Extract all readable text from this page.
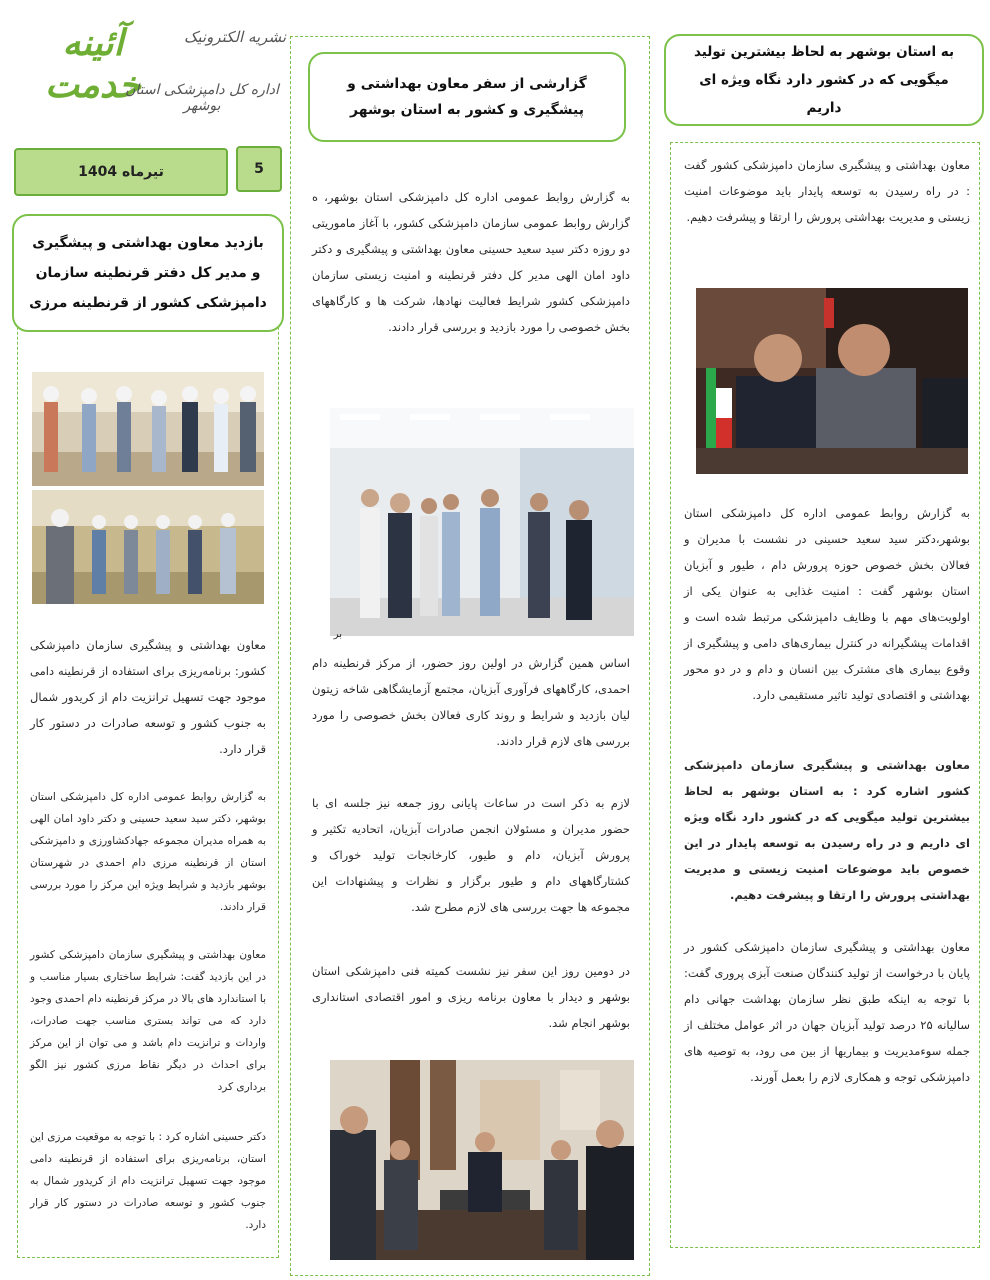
آئینه خدمت
نشریه الکترونیک
اداره کل دامپزشکی استان بوشهر
تیرماه 1404	5
بازدید معاون بهداشتی و پیشگیری و مدیر کل دفتر قرنطینه سازمان دامپزشکی کشور از قرنطینه مرزی
معاون بهداشتی و پیشگیری سازمان دامپزشکی کشور: برنامه‌ریزی برای استفاده از قرنطینه دامی موجود جهت تسهیل ترانزیت دام از کریدور شمال به جنوب کشور و توسعه صادرات در دستور کار قرار دارد.
به گزارش روابط عمومی اداره کل دامپزشکی استان بوشهر، دکتر سید سعید حسینی و دکتر داود امان الهی به همراه مدیران مجموعه جهادکشاورزی و دامپزشکی استان از قرنطینه مرزی دام احمدی در شهرستان بوشهر بازدید و شرایط ویژه این مرکز را مورد بررسی قرار دادند.
معاون بهداشتی و پیشگیری سازمان دامپزشکی کشور در این بازدید گفت: شرایط ساختاری بسیار مناسب و با استاندارد های بالا در مرکز قرنطینه دام احمدی وجود دارد که می تواند بستری مناسب جهت صادرات، واردات و ترانزیت دام باشد و می توان از این مرکز برای احداث در دیگر نقاط مرزی کشور نیز الگو برداری کرد
دکتر حسینی اشاره کرد : با توجه به موقعیت مرزی این استان، برنامه‌ریزی برای استفاده از قرنطینه دامی موجود جهت تسهیل ترانزیت دام از کریدور شمال به جنوب کشور و توسعه صادرات در دستور کار قرار دارد.
گزارشی از سفر معاون بهداشتی و پیشگیری و کشور به استان بوشهر
به گزارش روابط عمومی اداره کل دامپزشکی استان بوشهر، ه گزارش روابط عمومی سازمان دامپزشکی کشور، با آغاز ماموریتی دو روزه دکتر سید سعید حسینی معاون بهداشتی و پیشگیری و دکتر داود امان الهی مدیر کل دفتر قرنطینه و امنیت زیستی سازمان دامپزشکی کشور شرایط فعالیت نهادها، شرکت ها و کارگاههای بخش خصوصی را مورد بازدید و بررسی قرار دادند.
بر
اساس همین گزارش در اولین روز حضور، از مرکز قرنطینه دام احمدی، کارگاههای فرآوری آبزیان، مجتمع آزمایشگاهی شاخه زیتون لیان بازدید و شرایط و روند کاری فعالان بخش خصوصی را مورد بررسی های لازم قرار دادند.
لازم به ذکر است در ساعات پایانی روز جمعه نیز جلسه ای با حضور مدیران و مسئولان انجمن صادرات آبزیان، اتحادیه تکثیر و پرورش آبزیان، دام و طیور، کارخانجات تولید خوراک و کشتارگاههای دام و طیور برگزار و نظرات و پیشنهادات این مجموعه ها جهت بررسی های لازم مطرح شد.
در دومین روز این سفر نیز نشست کمیته فنی دامپزشکی استان بوشهر و دیدار با معاون برنامه ریزی و امور اقتصادی استانداری بوشهر انجام شد.
به استان بوشهر به لحاظ بیشترین تولید میگویی که در کشور دارد نگاه ویژه ای داریم
معاون بهداشتی و پیشگیری سازمان دامپزشکی کشور گفت : در راه رسیدن به توسعه پایدار باید موضوعات امنیت زیستی و مدیریت بهداشتی پرورش را ارتقا و پیشرفت دهیم.
به گزارش روابط عمومی اداره کل دامپزشکی استان بوشهر،دکتر سید سعید حسینی در نشست با مدیران و فعالان بخش خصوص حوزه پرورش دام ، طیور و آبزیان استان بوشهر گفت : امنیت غذایی به عنوان یکی از اولویت‌های مهم با وظایف دامپزشکی مرتبط شده است و اقدامات پیشگیرانه در کنترل بیماری‌های دامی و پیشگیری از وقوع بیماری های مشترک بین انسان و دام و در دو محور بهداشتی و اقتصادی تولید تاثیر مستقیمی دارد.
معاون بهداشتی و پیشگیری سازمان دامپزشکی کشور اشاره کرد : به استان بوشهر به لحاظ بیشترین تولید میگویی که در کشور دارد نگاه ویژه ای داریم و در راه رسیدن به توسعه پایدار در این خصوص باید موضوعات امنیت زیستی و مدیریت بهداشتی پرورش را ارتقا و پیشرفت دهیم.
معاون بهداشتی و پیشگیری سازمان دامپزشکی کشور در پایان با درخواست از تولید کنندگان صنعت آبزی پروری گفت: با توجه به اینکه طبق نظر سازمان بهداشت جهانی دام سالیانه ۲۵ درصد تولید آبزیان جهان در اثر عوامل مختلف از جمله سوءمدیریت و بیماریها از بین می رود، به توصیه های دامپزشکی توجه و همکاری لازم را بعمل آورند.
